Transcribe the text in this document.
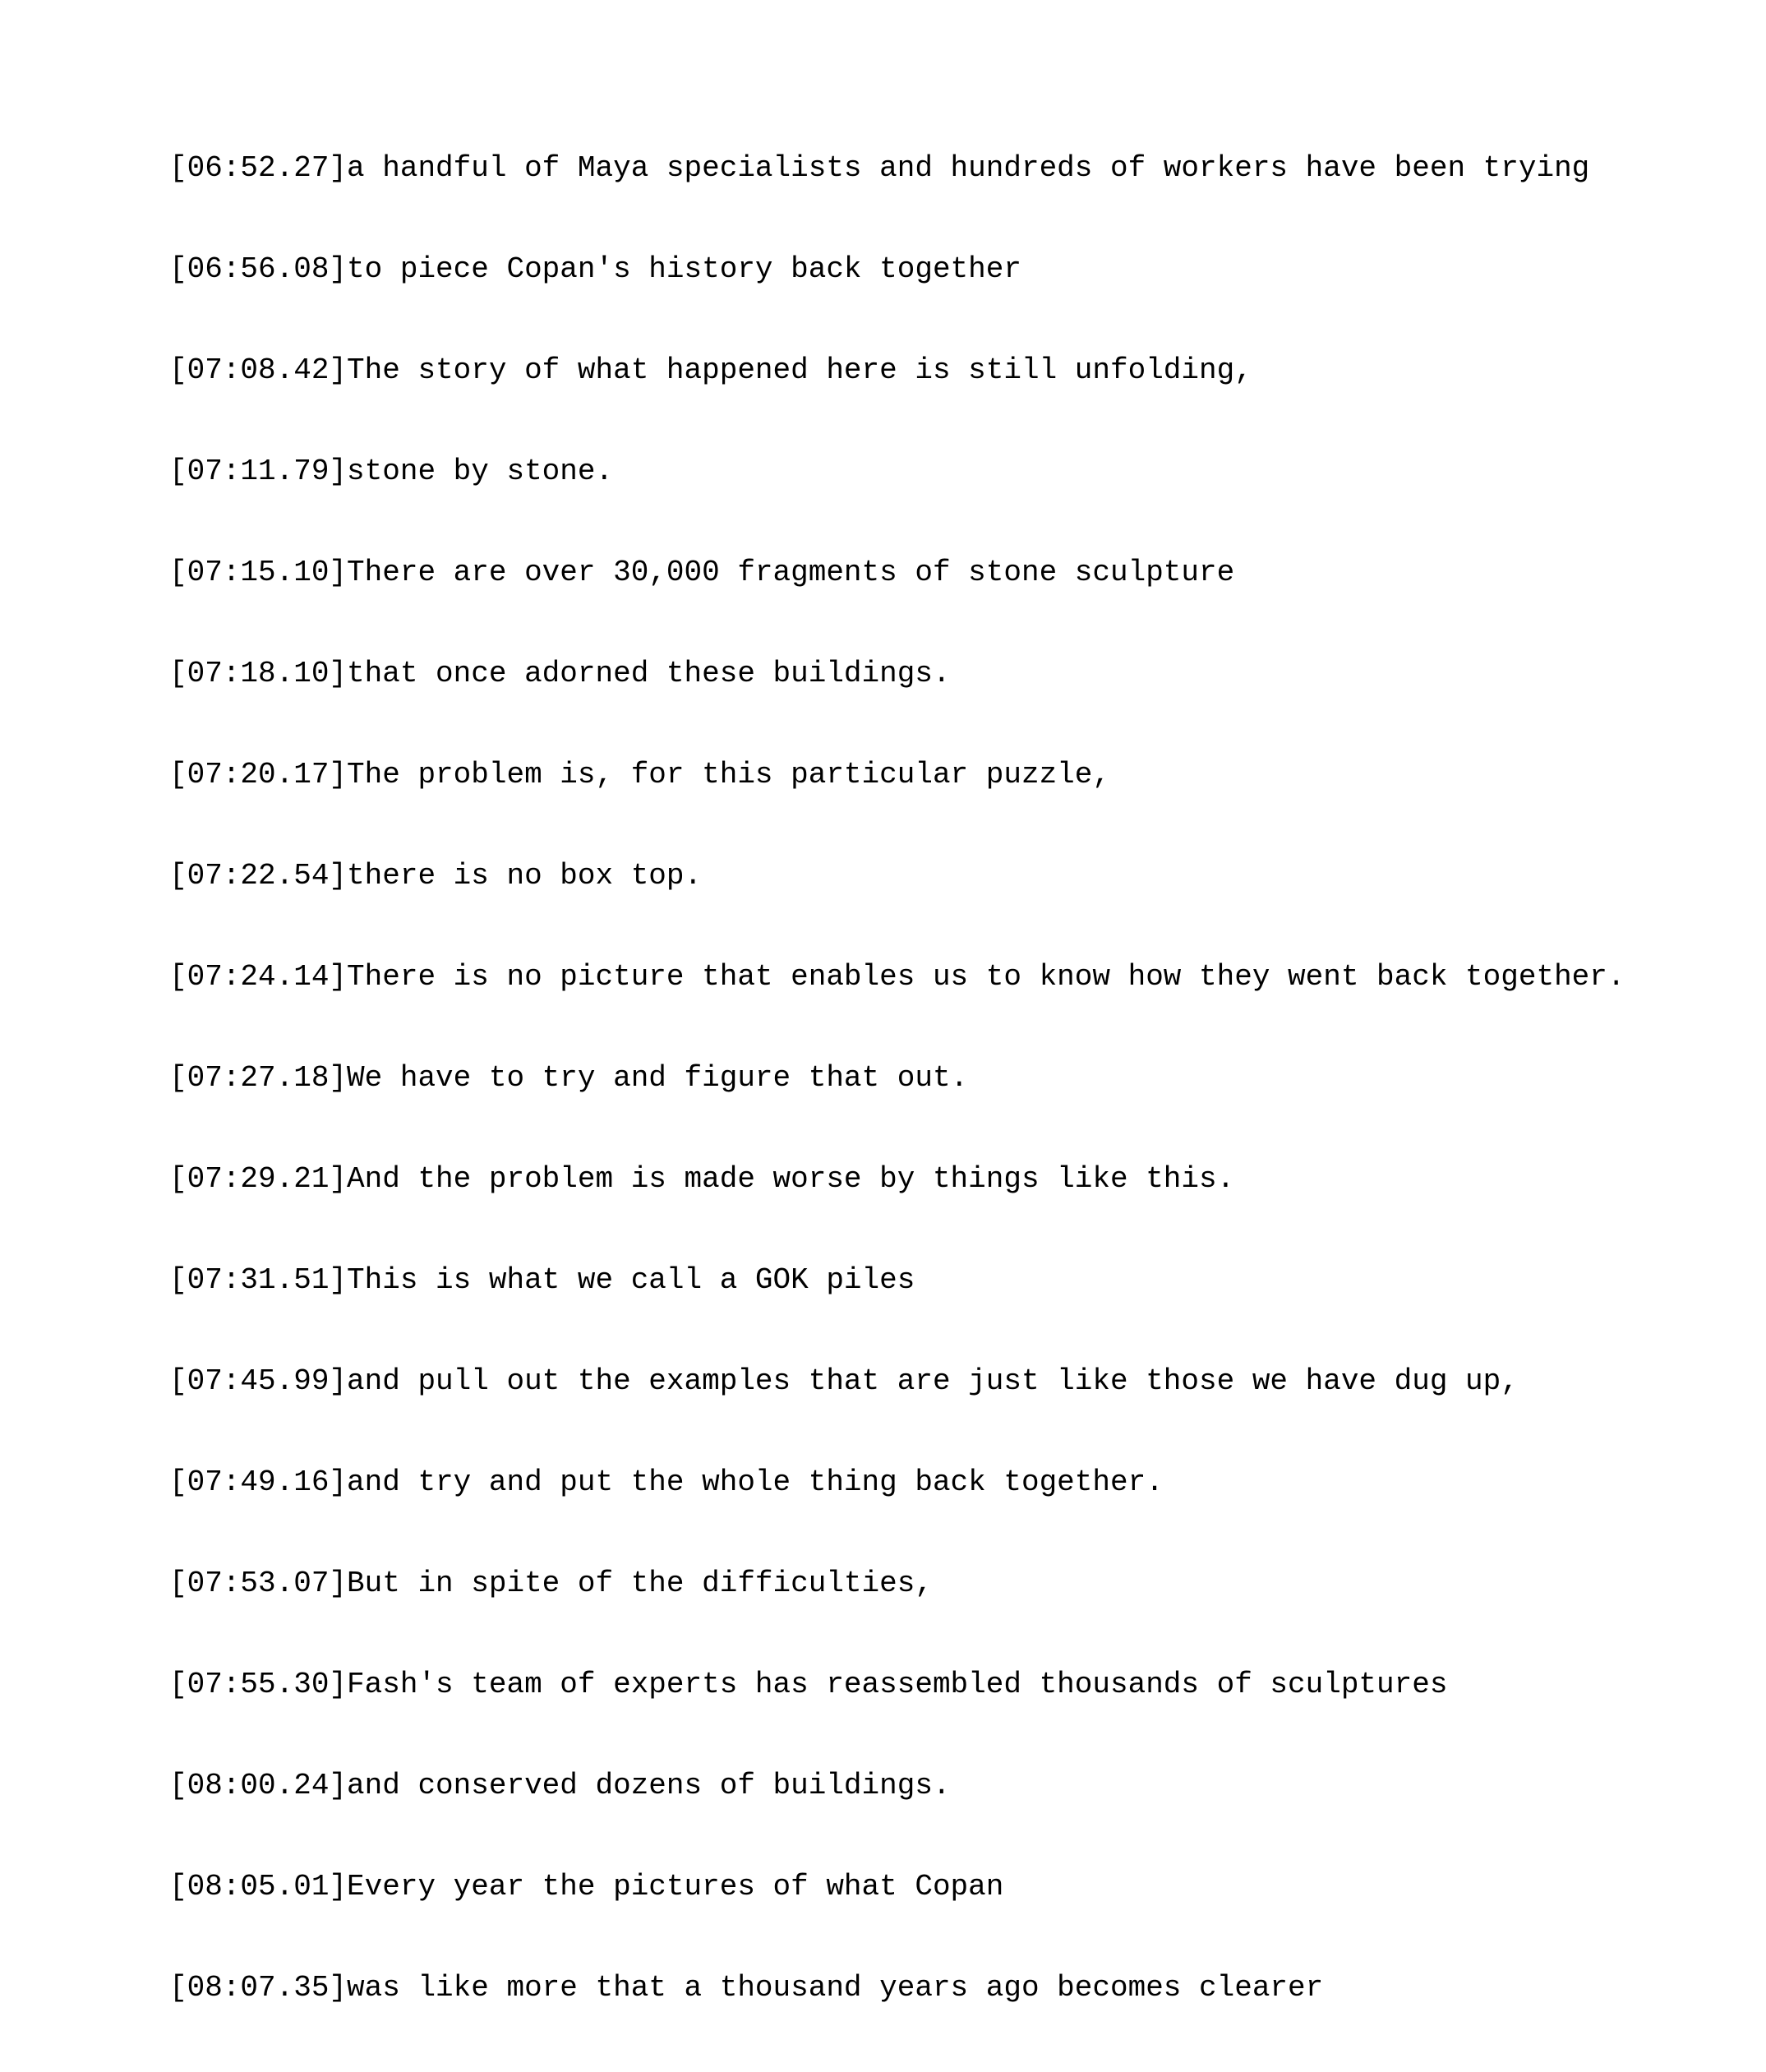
[06:52.27]a handful of Maya specialists and hundreds of workers have been trying

[06:56.08]to piece Copan's history back together

[07:08.42]The story of what happened here is still unfolding,

[07:11.79]stone by stone.

[07:15.10]There are over 30,000 fragments of stone sculpture

[07:18.10]that once adorned these buildings.

[07:20.17]The problem is, for this particular puzzle,

[07:22.54]there is no box top.

[07:24.14]There is no picture that enables us to know how they went back together.

[07:27.18]We have to try and figure that out.

[07:29.21]And the problem is made worse by things like this.

[07:31.51]This is what we call a GOK piles

[07:45.99]and pull out the examples that are just like those we have dug up,

[07:49.16]and try and put the whole thing back together.

[07:53.07]But in spite of the difficulties,

[07:55.30]Fash's team of experts has reassembled thousands of sculptures

[08:00.24]and conserved dozens of buildings.

[08:05.01]Every year the pictures of what Copan

[08:07.35]was like more that a thousand years ago becomes clearer
